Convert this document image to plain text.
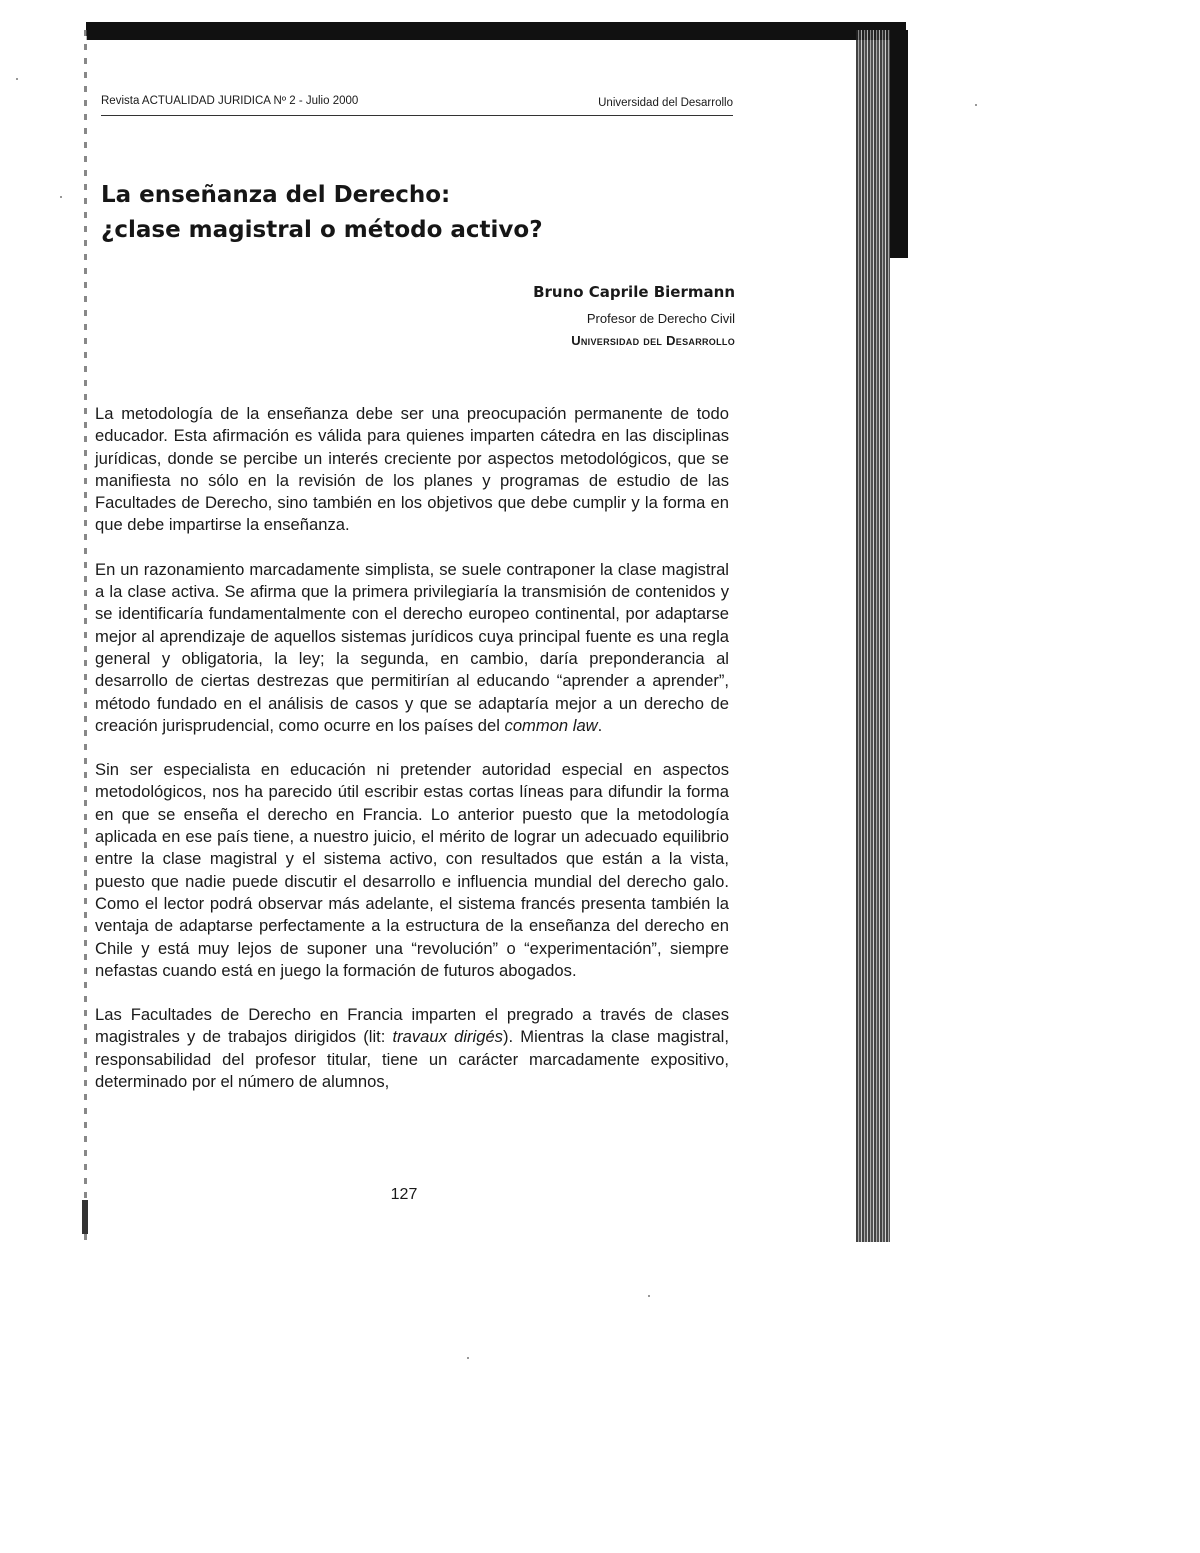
Revista ACTUALIDAD JURIDICA Nº 2 - Julio 2000	Universidad del Desarrollo
La enseñanza del Derecho:
¿clase magistral o método activo?
Bruno Caprile Biermann
Profesor de Derecho Civil
Universidad del Desarrollo

La metodología de la enseñanza debe ser una preocupación permanente de todo educador. Esta afirmación es válida para quienes imparten cátedra en las disciplinas jurídicas, donde se percibe un interés creciente por aspectos metodológicos, que se manifiesta no sólo en la revisión de los planes y programas de estudio de las Facultades de Derecho, sino también en los objetivos que debe cumplir y la forma en que debe impartirse la enseñanza.

En un razonamiento marcadamente simplista, se suele contraponer la clase magistral a la clase activa. Se afirma que la primera privilegiaría la transmisión de contenidos y se identificaría fundamentalmente con el derecho europeo continental, por adaptarse mejor al aprendizaje de aquellos sistemas jurídicos cuya principal fuente es una regla general y obligatoria, la ley; la segunda, en cambio, daría preponderancia al desarrollo de ciertas destrezas que permitirían al educando “aprender a aprender”, método fundado en el análisis de casos y que se adaptaría mejor a un derecho de creación jurisprudencial, como ocurre en los países del common law.

Sin ser especialista en educación ni pretender autoridad especial en aspectos metodológicos, nos ha parecido útil escribir estas cortas líneas para difundir la forma en que se enseña el derecho en Francia. Lo anterior puesto que la metodología aplicada en ese país tiene, a nuestro juicio, el mérito de lograr un adecuado equilibrio entre la clase magistral y el sistema activo, con resultados que están a la vista, puesto que nadie puede discutir el desarrollo e influencia mundial del derecho galo. Como el lector podrá observar más adelante, el sistema francés presenta también la ventaja de adaptarse perfectamente a la estructura de la enseñanza del derecho en Chile y está muy lejos de suponer una “revolución” o “experimentación”, siempre nefastas cuando está en juego la formación de futuros abogados.

Las Facultades de Derecho en Francia imparten el pregrado a través de clases magistrales y de trabajos dirigidos (lit: travaux dirigés). Mientras la clase magistral, responsabilidad del profesor titular, tiene un carácter marcadamente expositivo, determinado por el número de alumnos,

127
